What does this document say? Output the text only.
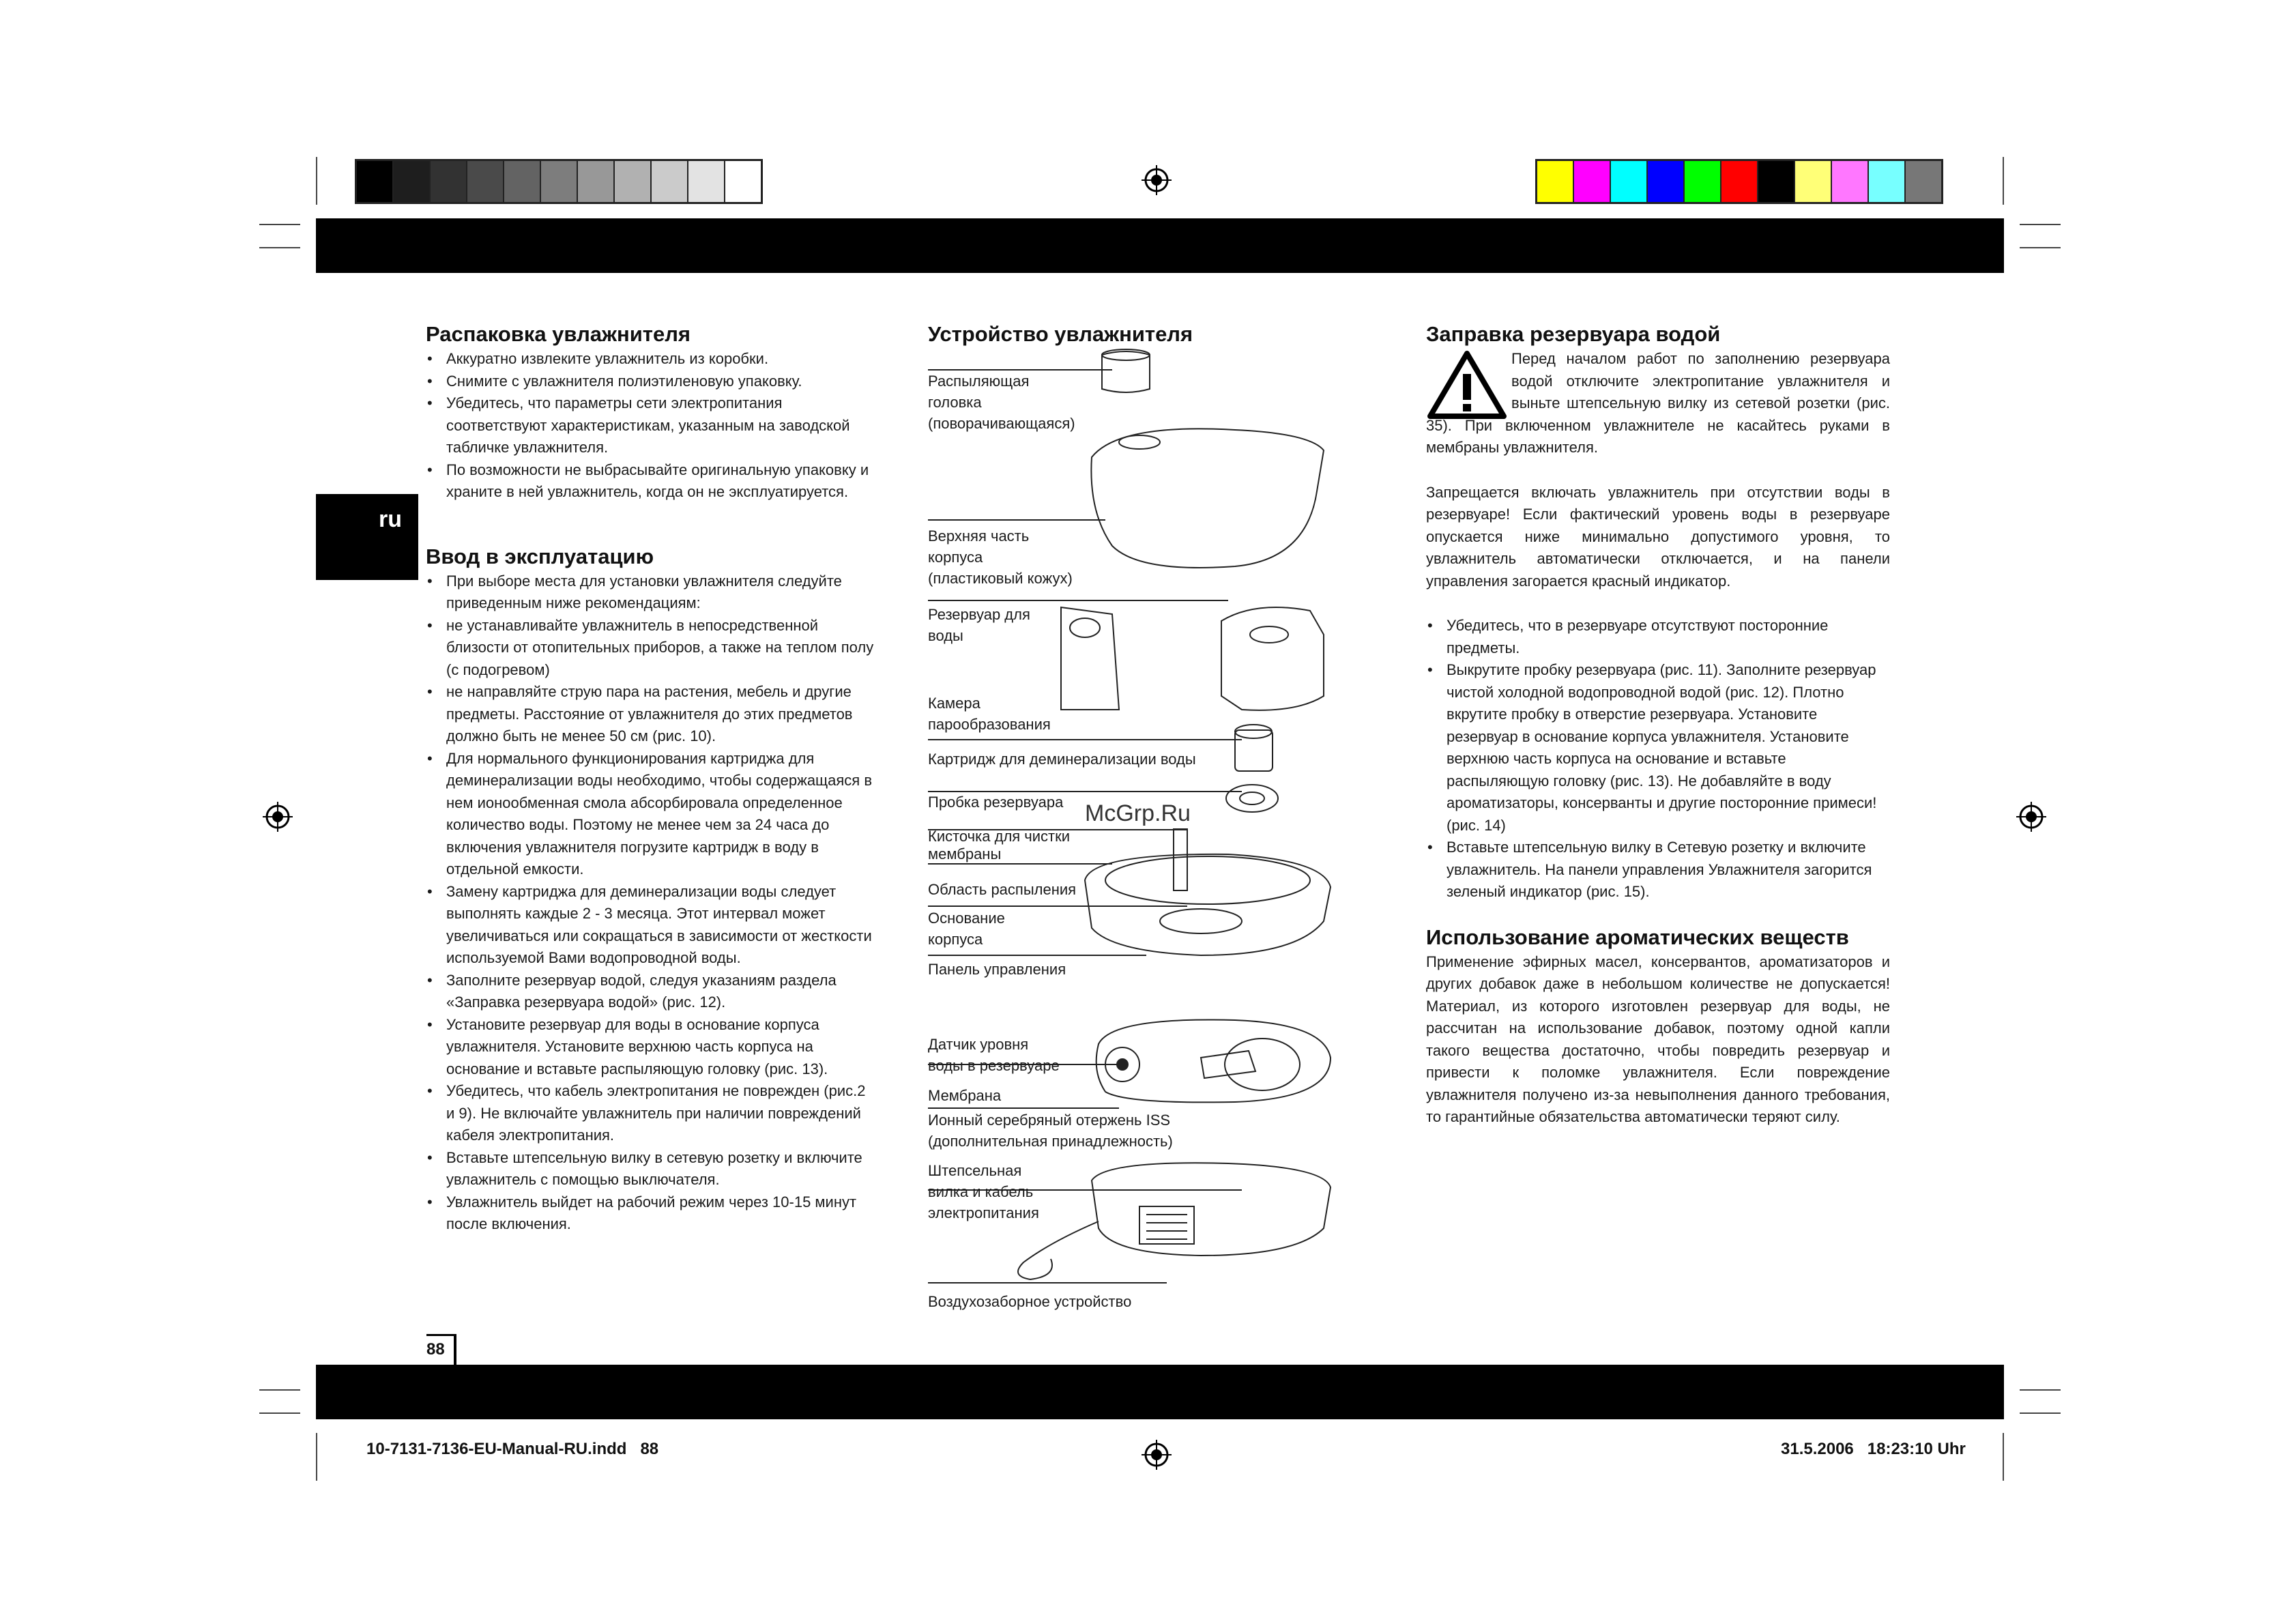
ru
88
Распаковка увлажнителя
• Аккуратно извлеките увлажнитель из коробки.
• Снимите с увлажнителя полиэтиленовую упаковку.
• Убедитесь, что параметры сети электропитания соответствуют характеристикам, указанным на заводской табличке увлажнителя.
• По возможности не выбрасывайте оригинальную упаковку и храните в ней увлажнитель, когда он не эксплуатируется.
Ввод в эксплуатацию
• При выборе места для установки увлажнителя следуйте приведенным ниже рекомендациям:
• не устанавливайте увлажнитель в непосредственной близости от отопительных приборов, а также на теплом полу (с подогревом)
• не направляйте струю пара на растения, мебель и другие предметы. Расстояние от увлажнителя до этих предметов должно быть не менее 50 см (рис. 10).
• Для нормального функционирования картриджа для деминерализации воды необходимо, чтобы содержащаяся в нем ионообменная смола абсорбировала определенное количество воды. Поэтому не менее чем за 24 часа до включения увлажнителя погрузите картридж в воду в отдельной емкости.
• Замену картриджа для деминерализации воды следует выполнять каждые 2 - 3 месяца. Этот интервал может увеличиваться или сокращаться в зависимости от жесткости используемой Вами водопроводной воды.
• Заполните резервуар водой, следуя указаниям раздела «Заправка резервуара водой» (рис. 12).
• Установите резервуар для воды в основание корпуса увлажнителя. Установите верхнюю часть корпуса на основание и вставьте распыляющую головку (рис. 13).
• Убедитесь, что кабель электропитания не поврежден (рис.2 и 9). Не включайте увлажнитель при наличии повреждений кабеля электропитания.
• Вставьте штепсельную вилку в сетевую розетку и включите увлажнитель с помощью выключателя.
• Увлажнитель выйдет на рабочий режим через 10-15 минут после включения.
Устройство увлажнителя
Распыляющая
головка
(поворачивающаяся)
Верхняя часть
корпуса
(пластиковый кожух)
Резервуар для
воды
Камера
парообразования
Картридж для деминерализации воды
Пробка резервуара
Кисточка для чистки
мембраны
Область распыления
Основание
корпуса
Панель управления
Датчик уровня
воды в резервуаре
Мембрана
Ионный серебряный отержень ISS
(дополнительная принадлежность)
Штепсельная
вилка и кабель
электропитания
Воздухозаборное устройство
McGrp.Ru
Заправка резервуара водой
Перед началом работ по заполнению резервуара водой отключите электропитание увлажнителя и выньте штепсельную вилку из сетевой розетки (рис. 35). При включенном увлажнителе не касайтесь руками в мембраны увлажнителя.

Запрещается включать увлажнитель при отсутствии воды в резервуаре! Если фактический уровень воды в резервуаре опускается ниже минимально допустимого уровня, то увлажнитель автоматически отключается, и на панели управления загорается красный индикатор.

• Убедитесь, что в резервуаре отсутствуют посторонние предметы.
• Выкрутите пробку резервуара (рис. 11). Заполните резервуар чистой холодной водопроводной водой (рис. 12). Плотно вкрутите пробку в отверстие резервуара. Установите резервуар в основание корпуса увлажнителя. Установите верхнюю часть корпуса на основание и вставьте распыляющую головку (рис. 13). Не добавляйте в воду ароматизаторы, консерванты и другие посторонние примеси! (рис. 14)
• Вставьте штепсельную вилку в Сетевую розетку и включите увлажнитель. На панели управления Увлажнителя загорится зеленый индикатор (рис. 15).
Использование ароматических веществ

Применение эфирных масел, консервантов, ароматизаторов и других добавок даже в небольшом количестве не допускается! Материал, из которого изготовлен резервуар для воды, не рассчитан на использование добавок, поэтому одной капли такого вещества достаточно, чтобы повредить резервуар и привести к поломке увлажнителя. Если повреждение увлажнителя получено из-за невыполнения данного требования, то гарантийные обязательства автоматически теряют силу.

10-7131-7136-EU-Manual-RU.indd   88	31.5.2006   18:23:10 Uhr
